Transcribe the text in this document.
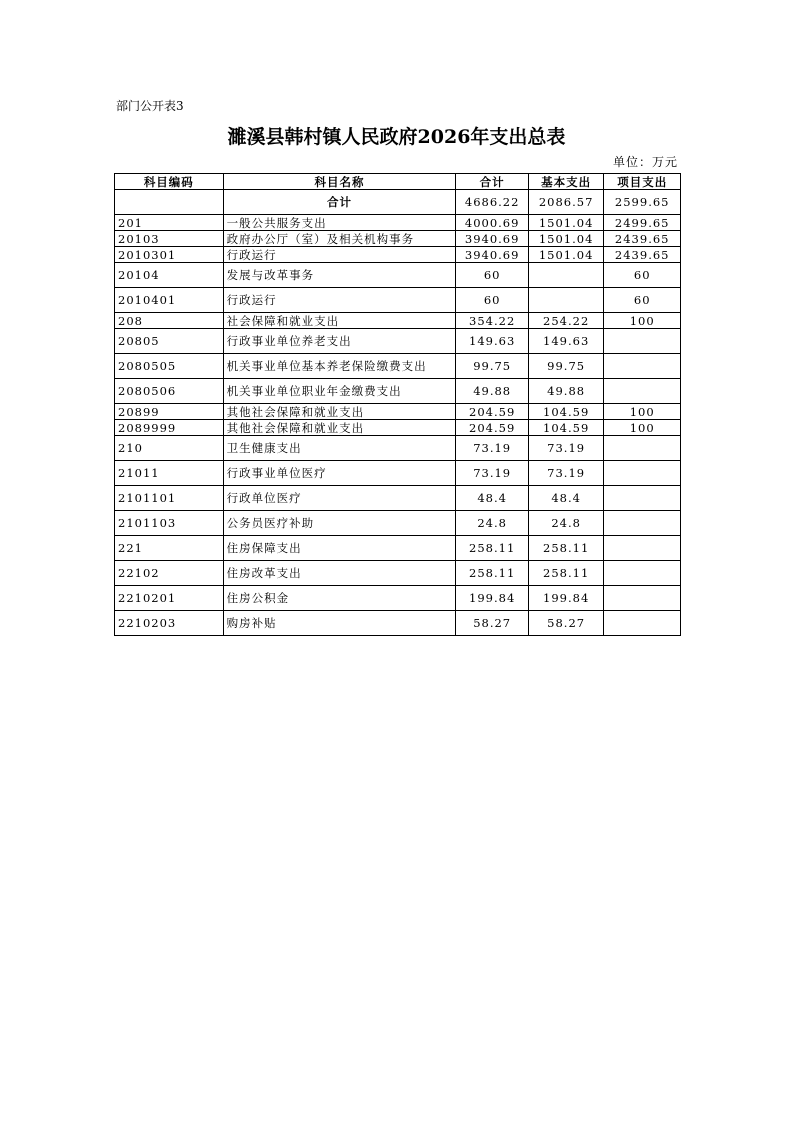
部门公开表3
濉溪县韩村镇人民政府2026年支出总表
单位：万元
科目编码	科目名称	合计	基本支出	项目支出
	合计	4686.22	2086.57	2599.65
201	一般公共服务支出	4000.69	1501.04	2499.65
20103	政府办公厅（室）及相关机构事务	3940.69	1501.04	2439.65
2010301	行政运行	3940.69	1501.04	2439.65
20104	发展与改革事务	60		60
2010401	行政运行	60		60
208	社会保障和就业支出	354.22	254.22	100
20805	行政事业单位养老支出	149.63	149.63	
2080505	机关事业单位基本养老保险缴费支出	99.75	99.75	
2080506	机关事业单位职业年金缴费支出	49.88	49.88	
20899	其他社会保障和就业支出	204.59	104.59	100
2089999	其他社会保障和就业支出	204.59	104.59	100
210	卫生健康支出	73.19	73.19	
21011	行政事业单位医疗	73.19	73.19	
2101101	行政单位医疗	48.4	48.4	
2101103	公务员医疗补助	24.8	24.8	
221	住房保障支出	258.11	258.11	
22102	住房改革支出	258.11	258.11	
2210201	住房公积金	199.84	199.84	
2210203	购房补贴	58.27	58.27	
